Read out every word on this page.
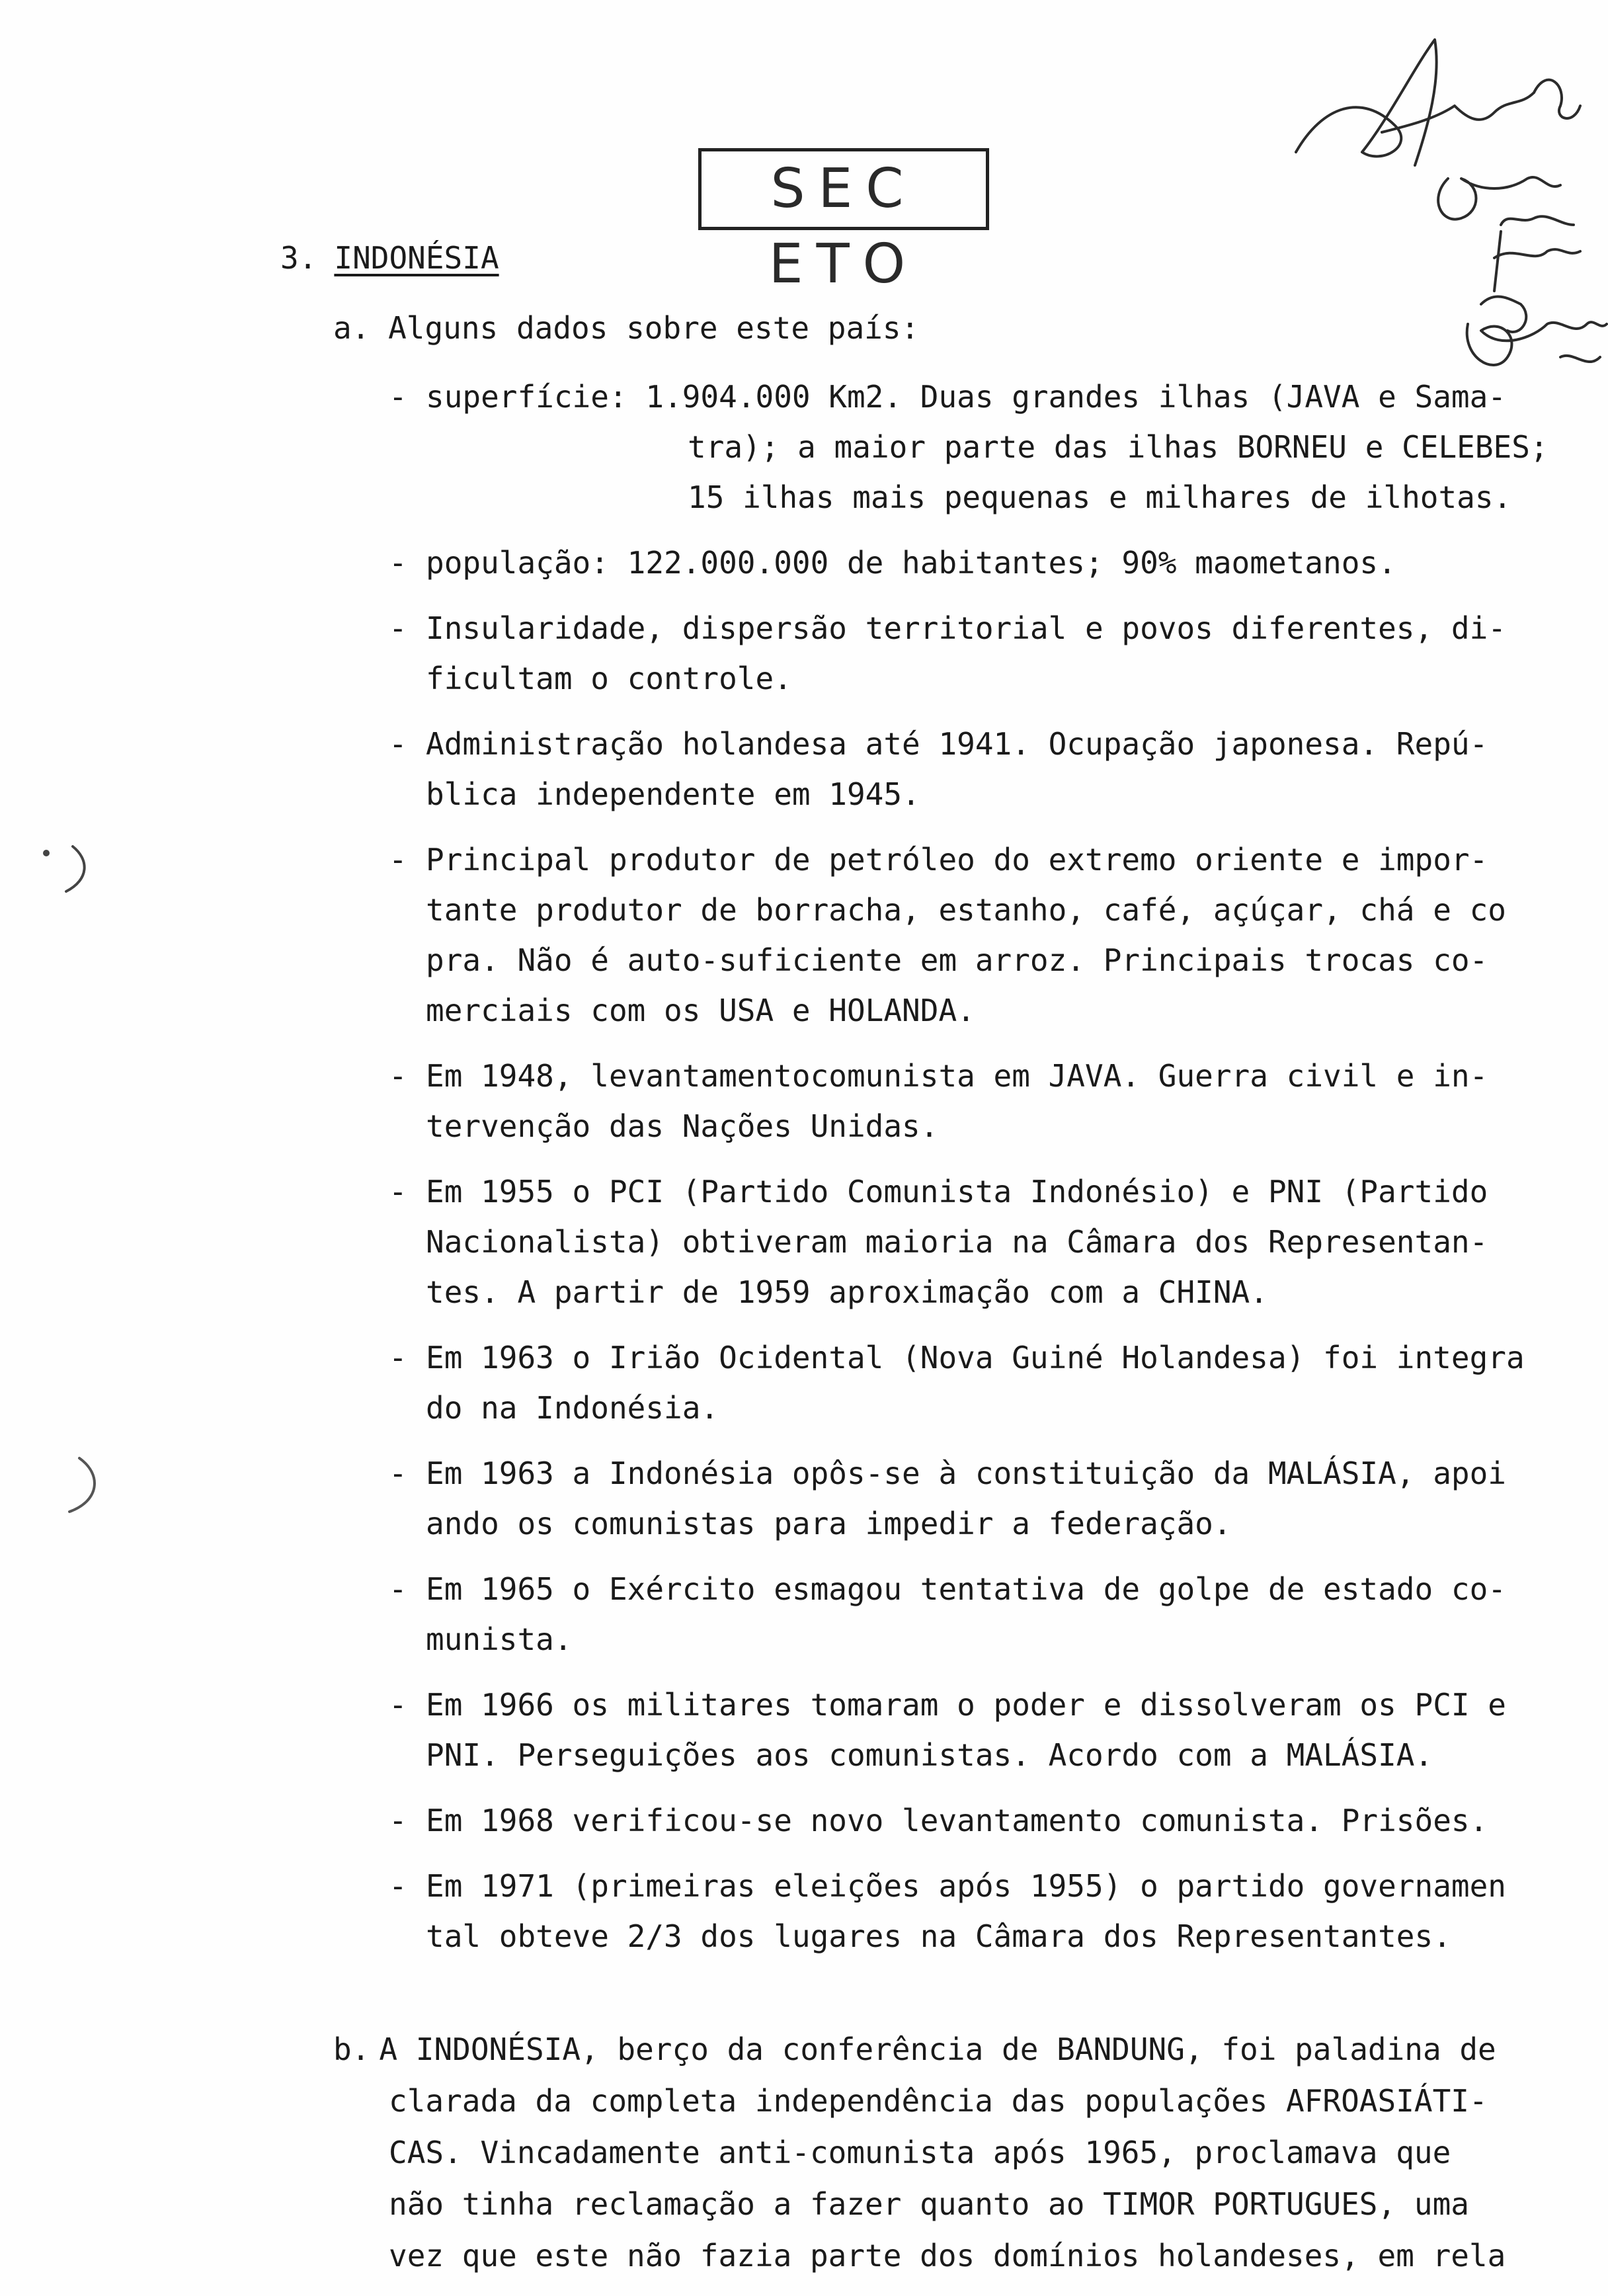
SEC ETO
3. INDONÉSIA
a. Alguns dados sobre este país:
- superfície: 1.904.000 Km2. Duas grandes ilhas (JAVA e Sama-
tra); a maior parte das ilhas BORNEU e CELEBES;
15 ilhas mais pequenas e milhares de ilhotas.
- população: 122.000.000 de habitantes; 90% maometanos.
- Insularidade, dispersão territorial e povos diferentes, di-
ficultam o controle.
- Administração holandesa até 1941. Ocupação japonesa. Repú-
blica independente em 1945.
- Principal produtor de petróleo do extremo oriente e impor-
tante produtor de borracha, estanho, café, açúçar, chá e co
pra. Não é auto-suficiente em arroz. Principais trocas co-
merciais com os USA e HOLANDA.
- Em 1948, levantamentocomunista em JAVA. Guerra civil e in-
tervenção das Nações Unidas.
- Em 1955 o PCI (Partido Comunista Indonésio) e PNI (Partido
Nacionalista) obtiveram maioria na Câmara dos Representan-
tes. A partir de 1959 aproximação com a CHINA.
- Em 1963 o Irião Ocidental (Nova Guiné Holandesa) foi integra
do na Indonésia.
- Em 1963 a Indonésia opôs-se à constituição da MALÁSIA, apoi
ando os comunistas para impedir a federação.
- Em 1965 o Exército esmagou tentativa de golpe de estado co-
munista.
- Em 1966 os militares tomaram o poder e dissolveram os PCI e
PNI. Perseguições aos comunistas. Acordo com a MALÁSIA.
- Em 1968 verificou-se novo levantamento comunista. Prisões.
- Em 1971 (primeiras eleições após 1955) o partido governamen
tal obteve 2/3 dos lugares na Câmara dos Representantes.
b. A INDONÉSIA, berço da conferência de BANDUNG, foi paladina de
clarada da completa independência das populações AFROASIÁTI-
CAS. Vincadamente anti-comunista após 1965, proclamava que
não tinha reclamação a fazer quanto ao TIMOR PORTUGUES, uma
vez que este não fazia parte dos domínios holandeses, em rela
